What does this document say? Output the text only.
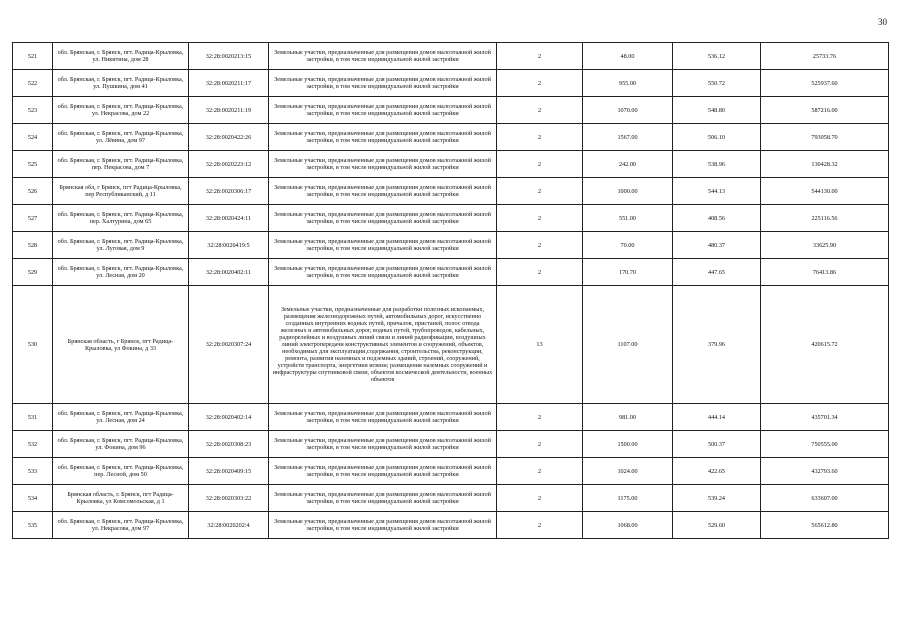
30
521	обл. Брянская, г. Брянск, пгт. Радица-Крыловка, ул. Никитина, дом 28	32:28:0020213:15	Земельные участки, предназначенные для размещения домов малоэтажной жилой застройки, в том числе индивидуальной жилой застройки	2	48.00	536.12	25733.76
522	обл. Брянская, г. Брянск, пгт. Радица-Крыловка, ул. Пушкина, дом 41	32:28:0020211:17	Земельные участки, предназначенные для размещения домов малоэтажной жилой застройки, в том числе индивидуальной жилой застройки	2	955.00	550.72	525937.60
523	обл. Брянская, г. Брянск, пгт. Радица-Крыловка, ул. Некрасова, дом 22	32:28:0020211:19	Земельные участки, предназначенные для размещения домов малоэтажной жилой застройки, в том числе индивидуальной жилой застройки	2	1070.00	548.80	587216.00
524	обл. Брянская, г. Брянск, пгт. Радица-Крыловка, ул. Лёвина, дом 97	32:28:0020422:26	Земельные участки, предназначенные для размещения домов малоэтажной жилой застройки, в том числе индивидуальной жилой застройки	2	1567.00	506.10	793058.70
525	обл. Брянская, г. Брянск, пгт. Радица-Крыловка, пер. Некрасова, дом 7	32:28:0020223:12	Земельные участки, предназначенные для размещения домов малоэтажной жилой застройки, в том числе индивидуальной жилой застройки	2	242.00	538.96	130428.32
526	Брянская обл, г Брянск, пгт Радица-Крыловка, пер Республиканский, д 11	32:28:0020306:17	Земельные участки, предназначенные для размещения домов малоэтажной жилой застройки, в том числе индивидуальной жилой застройки	2	1000.00	544.13	544130.00
527	обл. Брянская, г. Брянск, пгт. Радица-Крыловка, пер. Халтурина, дом 65	32:28:0020424:11	Земельные участки, предназначенные для размещения домов малоэтажной жилой застройки, в том числе индивидуальной жилой застройки	2	551.00	408.56	225116.56
528	обл. Брянская, г. Брянск, пгт. Радица-Крыловка, ул. Луговая, дом 9	32:28:0020419:5	Земельные участки, предназначенные для размещения домов малоэтажной жилой застройки, в том числе индивидуальной жилой застройки	2	70.00	480.37	33625.90
529	обл. Брянская, г. Брянск, пгт. Радица-Крыловка, ул. Лесная, дом 20	32:28:0020402:11	Земельные участки, предназначенные для размещения домов малоэтажной жилой застройки, в том числе индивидуальной жилой застройки	2	170.70	447.65	76413.86
530	Брянская область, г Брянск, пгт Радица-Крыловка, ул Фокина, д 33	32:28:0020307:24	Земельные участки, предназначенные для разработки полезных ископаемых, размещения железнодорожных путей, автомобильных дорог, искусственно созданных внутренних водных путей, причалов, пристаней, полос отвода железных и автомобильных дорог, водных путей, трубопроводов, кабельных, радиорелейных и воздушных линий связи и линий радиофикации, воздушных линий электропередачи конструктивных элементов и сооружений, объектов, необходимых для эксплуатации,содержания, строительства, реконструкции, ремонта, развития наземных и подземных зданий, строений, сооружений, устройств транспорта, энергетики исвязи; размещения наземных сооружений и инфраструктуры спутниковой связи, объектов космической деятельности, военных объектов	13	1107.00	379.96	420615.72
531	обл. Брянская, г. Брянск, пгт. Радица-Крыловка, ул. Лесная, дом 24	32:28:0020402:14	Земельные участки, предназначенные для размещения домов малоэтажной жилой застройки, в том числе индивидуальной жилой застройки	2	981.00	444.14	435701.34
532	обл. Брянская, г. Брянск, пгт. Радица-Крыловка, ул. Фокина, дом 96	32:28:0020308:23	Земельные участки, предназначенные для размещения домов малоэтажной жилой застройки, в том числе индивидуальной жилой застройки	2	1500.00	500.37	750555.00
533	обл. Брянская, г. Брянск, пгт. Радица-Крыловка, пер. Лесной, дом 50	32:28:0020409:15	Земельные участки, предназначенные для размещения домов малоэтажной жилой застройки, в том числе индивидуальной жилой застройки	2	1024.00	422.65	432793.60
534	Брянская область, г. Брянск, пгт Радица-Крыловка, ул Комсомольская, д 1	32:28:0020303:22	Земельные участки, предназначенные для размещения домов малоэтажной жилой застройки, в том числе индивидуальной жилой застройки	2	1175.00	539.24	633607.00
535	обл. Брянская, г. Брянск, пгт. Радица-Крыловка, ул. Некрасова, дом 97	32:28:0020202:4	Земельные участки, предназначенные для размещения домов малоэтажной жилой застройки, в том числе индивидуальной жилой застройки	2	1068.00	529.60	565612.80
